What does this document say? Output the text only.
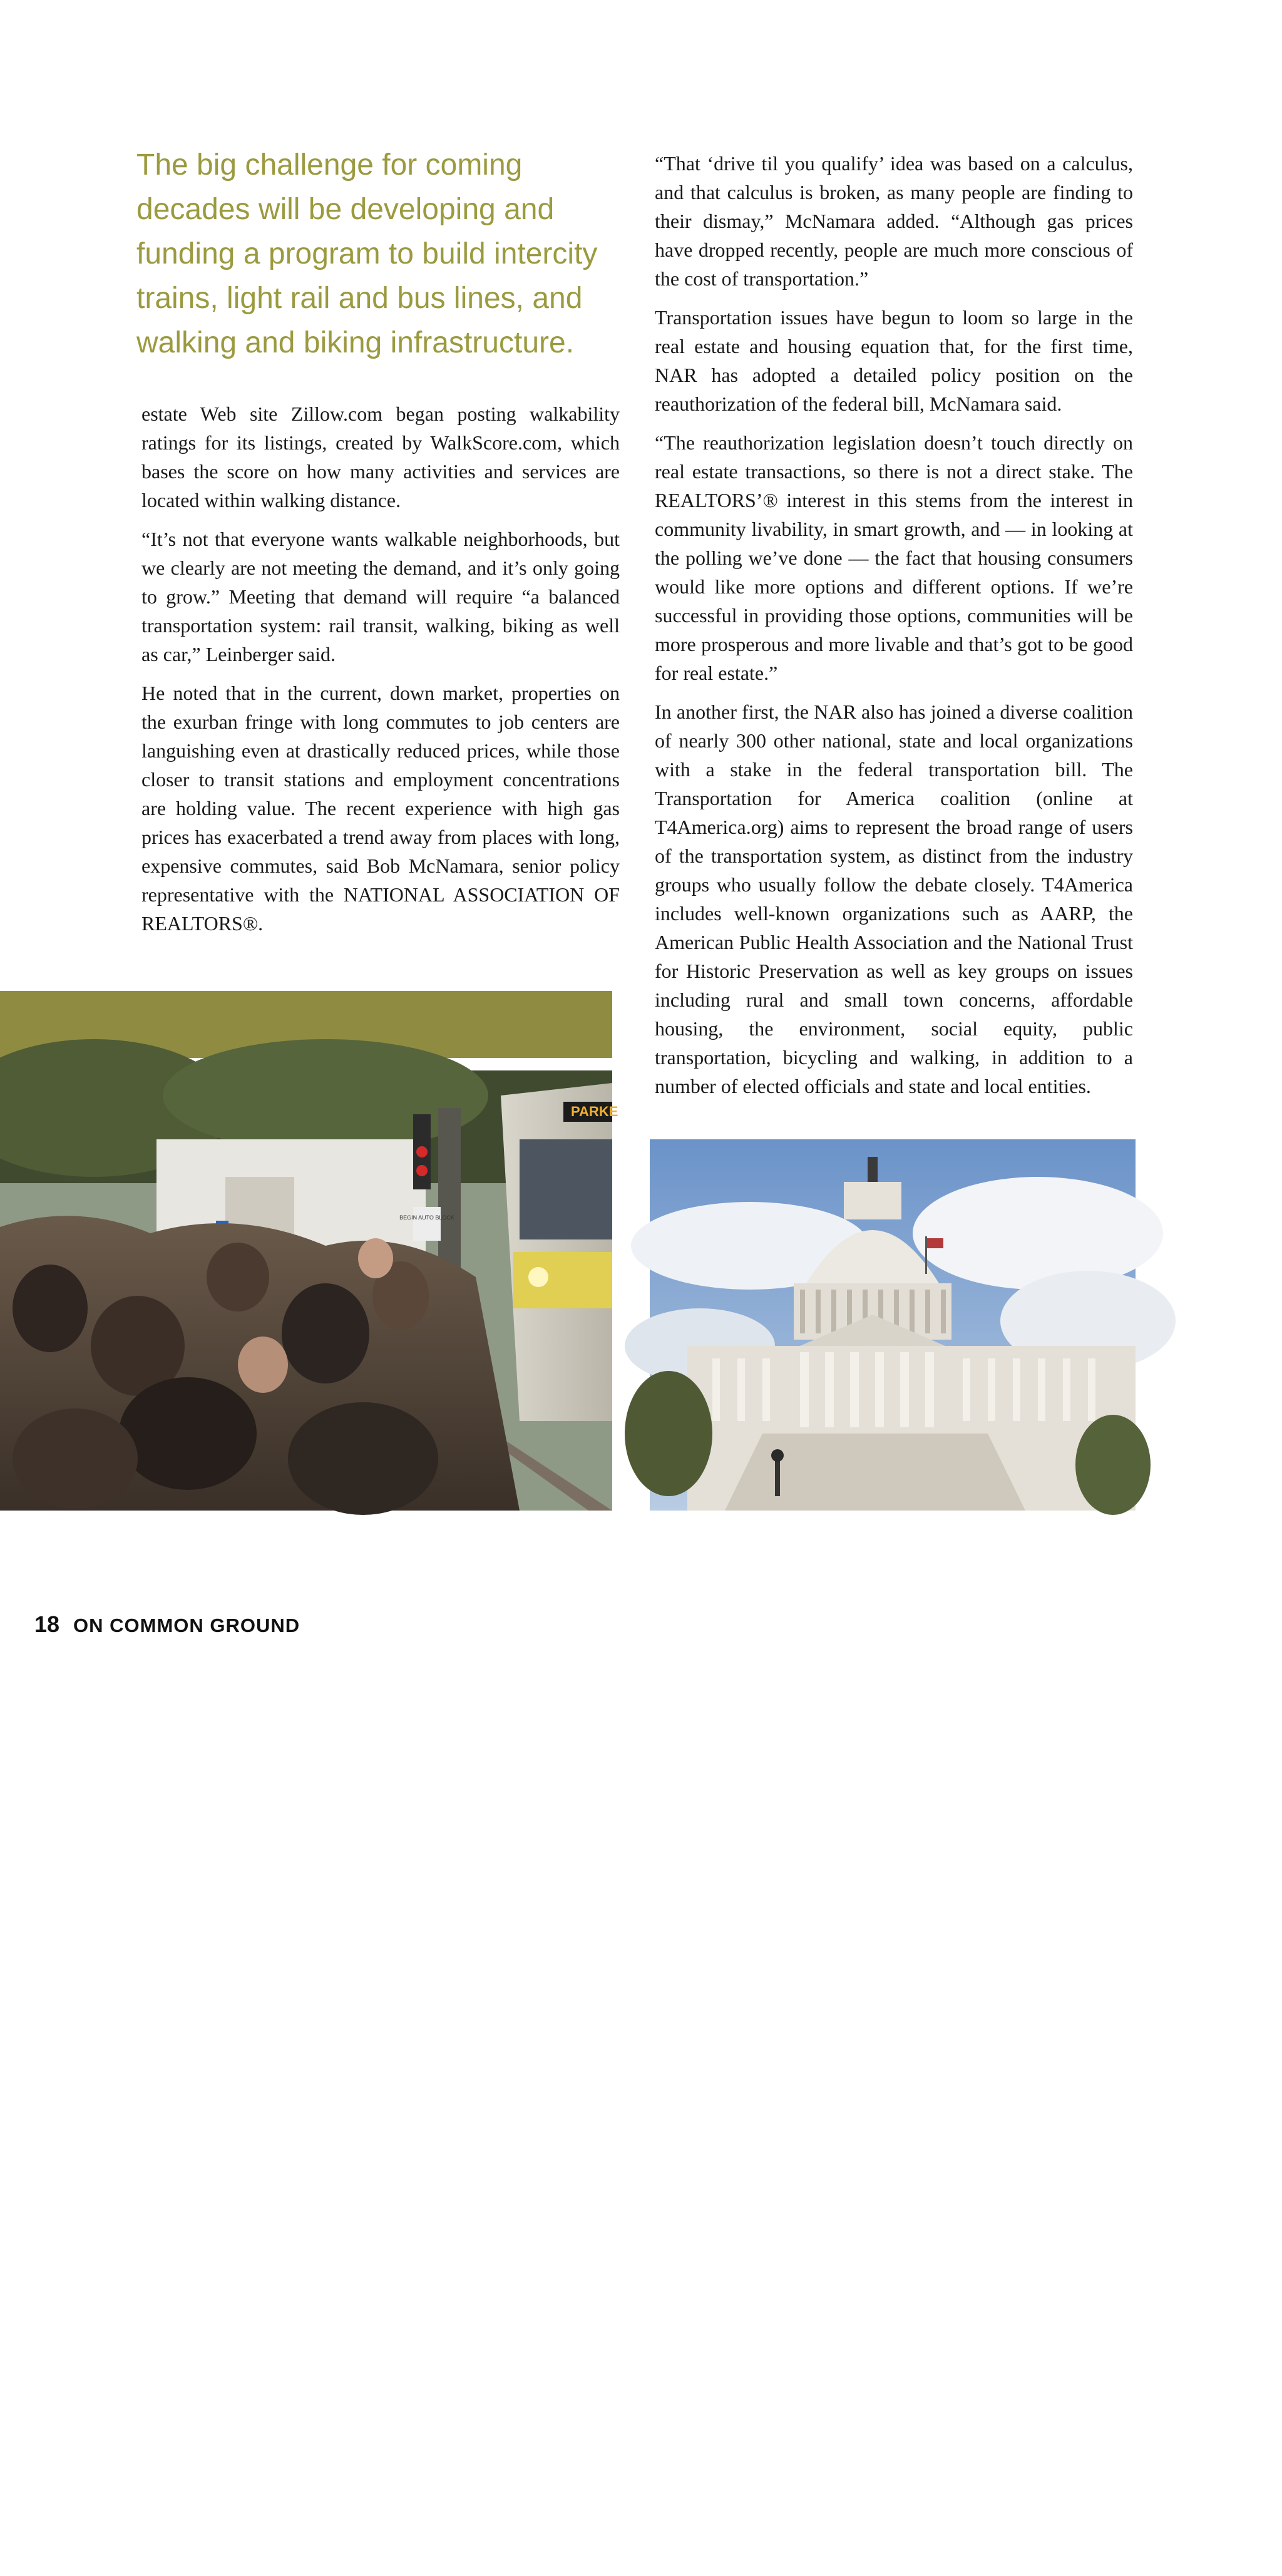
The big challenge for coming decades will be developing and funding a program to build intercity trains, light rail and bus lines, and walking and biking infrastructure.

estate Web site Zillow.com began posting walkability ratings for its listings, created by WalkScore.com, which bases the score on how many activities and services are located within walking distance.

“It’s not that everyone wants walkable neighborhoods, but we clearly are not meeting the demand, and it’s only going to grow.” Meeting that demand will require “a balanced transportation system: rail transit, walking, biking as well as car,” Leinberger said.

He noted that in the current, down market, properties on the exurban fringe with long commutes to job centers are languishing even at drastically reduced prices, while those closer to transit stations and employment concentrations are holding value. The recent experience with high gas prices has exacerbated a trend away from places with long, expensive commutes, said Bob McNamara, senior policy representative with the NATIONAL ASSOCIATION OF REALTORS®.

“That ‘drive til you qualify’ idea was based on a calculus, and that calculus is broken, as many people are finding to their dismay,” McNamara added. “Although gas prices have dropped recently, people are much more conscious of the cost of transportation.”

Transportation issues have begun to loom so large in the real estate and housing equation that, for the first time, NAR has adopted a detailed policy position on the reauthorization of the federal bill, McNamara said.

“The reauthorization legislation doesn’t touch directly on real estate transactions, so there is not a direct stake. The REALTORS’® interest in this stems from the interest in community livability, in smart growth, and — in looking at the polling we’ve done — the fact that housing consumers would like more options and different options. If we’re successful in providing those options, communities will be more prosperous and more livable and that’s got to be good for real estate.”

In another first, the NAR also has joined a diverse coalition of nearly 300 other national, state and local organizations with a stake in the federal transportation bill. The Transportation for America coalition (online at T4America.org) aims to represent the broad range of users of the transportation system, as distinct from the industry groups who usually follow the debate closely. T4America includes well-known organizations such as AARP, the American Public Health Association and the National Trust for Historic Preservation as well as key groups on issues including rural and small town concerns, affordable housing, the environment, social equity, public transportation, bicycling and walking, in addition to a number of elected officials and state and local entities.

BEGIN AUTO BLOCK
PARKE
Courtesy of DART
18 ON COMMON GROUND
